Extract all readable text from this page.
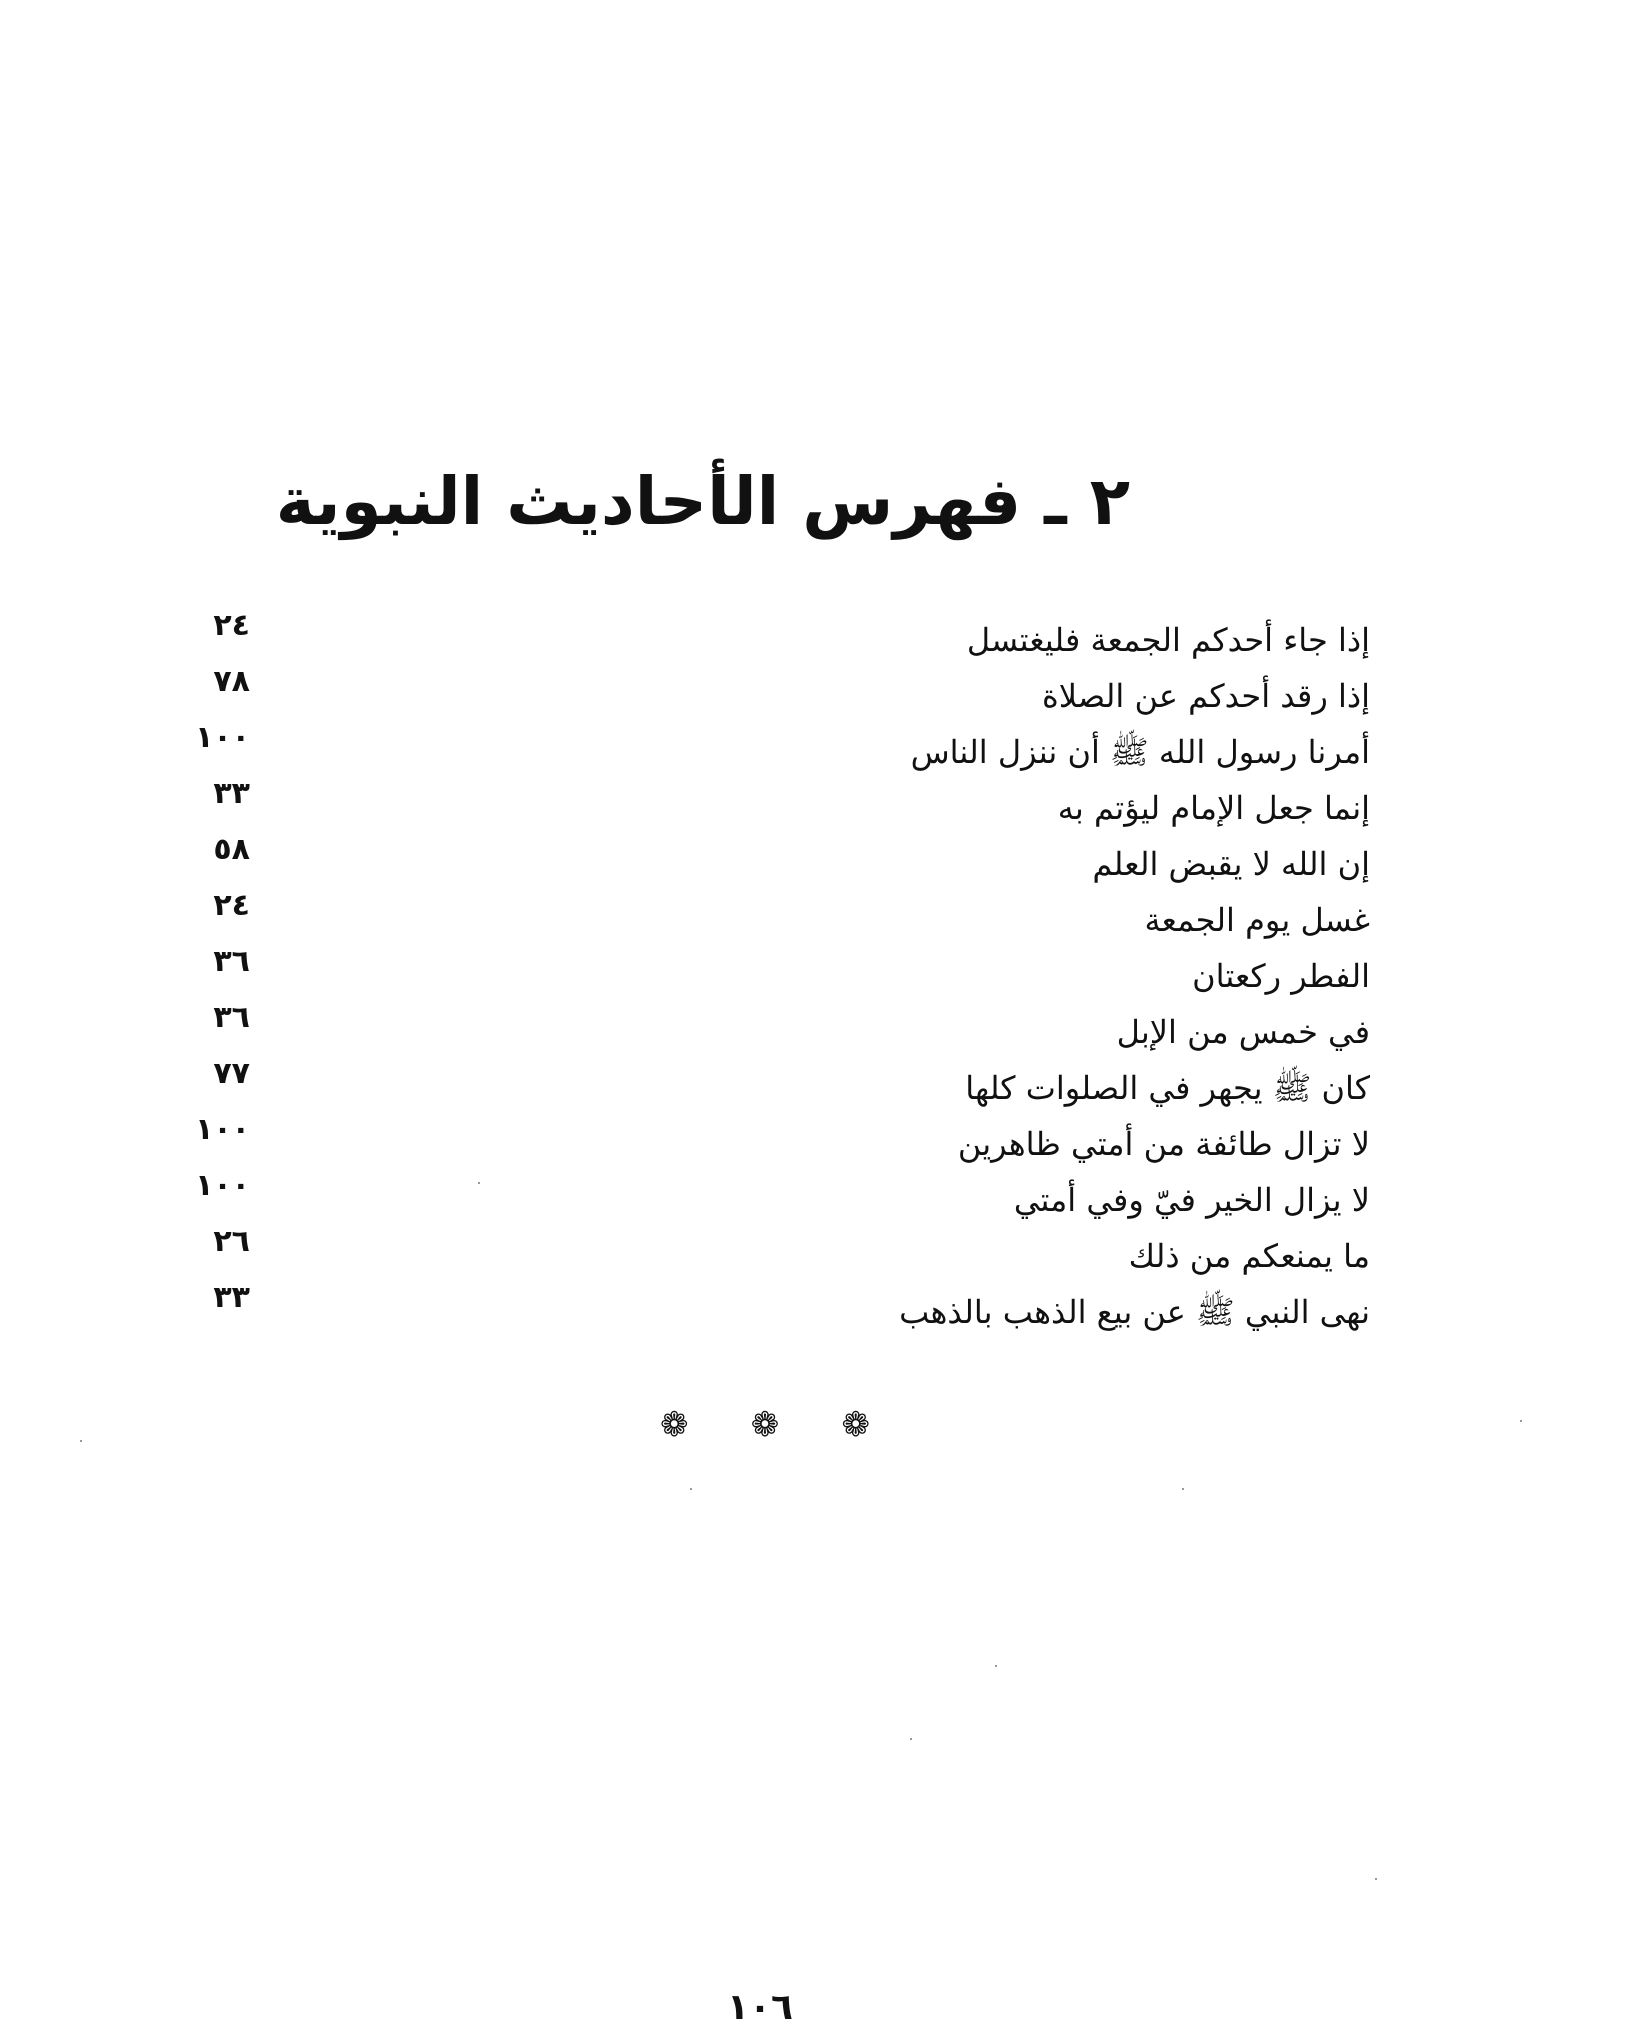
٢ ـ فهرس الأحاديث النبوية
إذا جاء أحدكم الجمعة فليغتسل
٢٤
إذا رقد أحدكم عن الصلاة
٧٨
أمرنا رسول الله ﷺ أن ننزل الناس
١٠٠
إنما جعل الإمام ليؤتم به
٣٣
إن الله لا يقبض العلم
٥٨
غسل يوم الجمعة
٢٤
الفطر ركعتان
٣٦
في خمس من الإبل
٣٦
كان ﷺ يجهر في الصلوات كلها
٧٧
لا تزال طائفة من أمتي ظاهرين
١٠٠
لا يزال الخير فيّ وفي أمتي
١٠٠
ما يمنعكم من ذلك
٢٦
نهى النبي ﷺ عن بيع الذهب بالذهب
٣٣
❁ ❁ ❁
١٠٦
